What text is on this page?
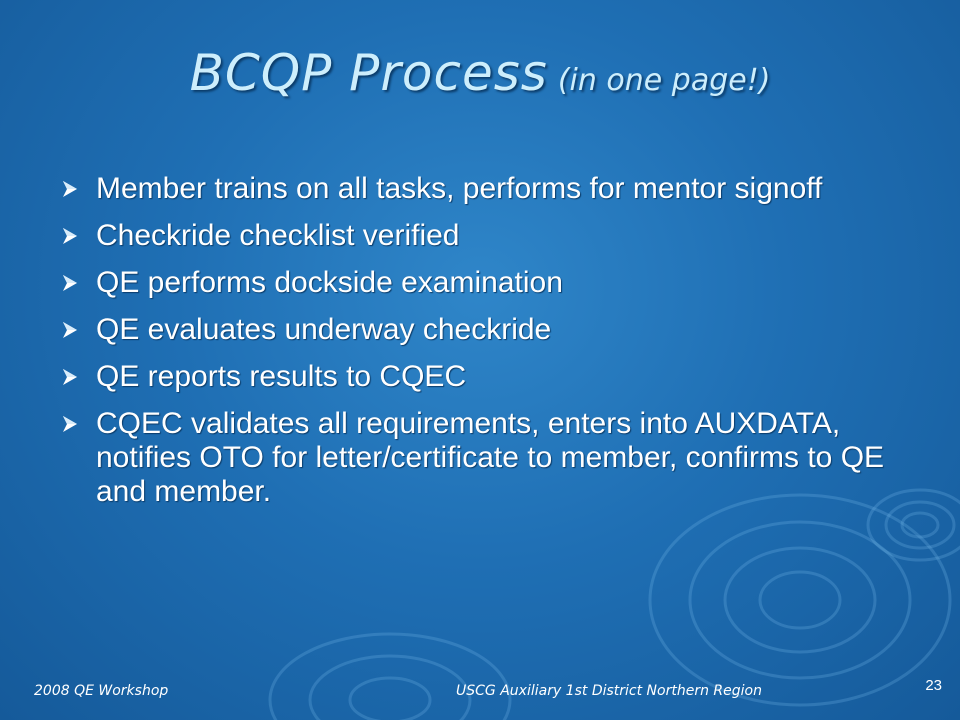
BCQP Process (in one page!)
Member trains on all tasks, performs for mentor signoff
Checkride checklist verified
QE performs dockside examination
QE evaluates underway checkride
QE reports results to CQEC
CQEC validates all requirements, enters into AUXDATA, notifies OTO for letter/certificate to member, confirms to QE and member.
2008 QE Workshop	USCG Auxiliary 1st District Northern Region	23
